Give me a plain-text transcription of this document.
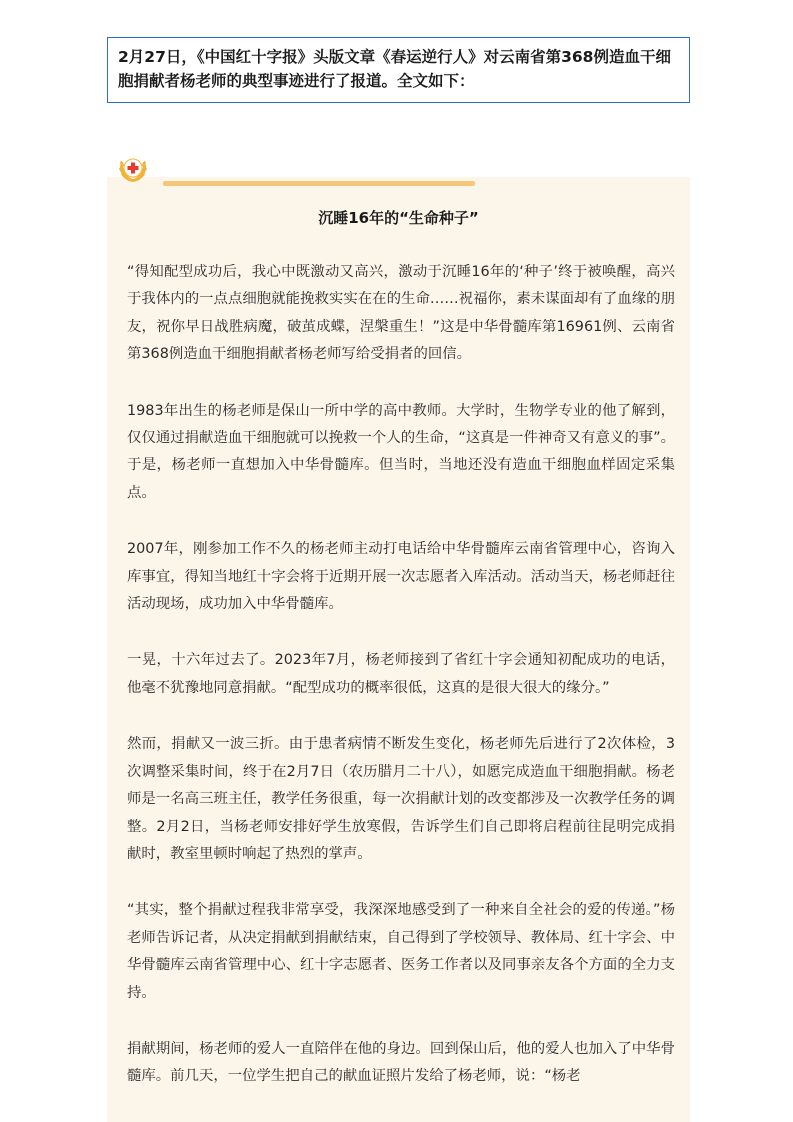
2月27日，《中国红十字报》头版文章《春运逆行人》对云南省第368例造血干细胞捐献者杨老师的典型事迹进行了报道。全文如下：
沉睡16年的“生命种子”

“得知配型成功后，我心中既激动又高兴，激动于沉睡16年的‘种子’终于被唤醒，高兴于我体内的一点点细胞就能挽救实实在在的生命……祝福你，素未谋面却有了血缘的朋友，祝你早日战胜病魔，破茧成蝶，涅槃重生！”这是中华骨髓库第16961例、云南省第368例造血干细胞捐献者杨老师写给受捐者的回信。

1983年出生的杨老师是保山一所中学的高中教师。大学时，生物学专业的他了解到，仅仅通过捐献造血干细胞就可以挽救一个人的生命，“这真是一件神奇又有意义的事”。于是，杨老师一直想加入中华骨髓库。但当时，当地还没有造血干细胞血样固定采集点。

2007年，刚参加工作不久的杨老师主动打电话给中华骨髓库云南省管理中心，咨询入库事宜，得知当地红十字会将于近期开展一次志愿者入库活动。活动当天，杨老师赶往活动现场，成功加入中华骨髓库。

一晃，十六年过去了。2023年7月，杨老师接到了省红十字会通知初配成功的电话，他毫不犹豫地同意捐献。“配型成功的概率很低，这真的是很大很大的缘分。”

然而，捐献又一波三折。由于患者病情不断发生变化，杨老师先后进行了2次体检，3次调整采集时间，终于在2月7日（农历腊月二十八），如愿完成造血干细胞捐献。杨老师是一名高三班主任，教学任务很重，每一次捐献计划的改变都涉及一次教学任务的调整。2月2日，当杨老师安排好学生放寒假，告诉学生们自己即将启程前往昆明完成捐献时，教室里顿时响起了热烈的掌声。

“其实，整个捐献过程我非常享受，我深深地感受到了一种来自全社会的爱的传递。”杨老师告诉记者，从决定捐献到捐献结束，自己得到了学校领导、教体局、红十字会、中华骨髓库云南省管理中心、红十字志愿者、医务工作者以及同事亲友各个方面的全力支持。

捐献期间，杨老师的爱人一直陪伴在他的身边。回到保山后，他的爱人也加入了中华骨髓库。前几天，一位学生把自己的献血证照片发给了杨老师，说：“杨老
